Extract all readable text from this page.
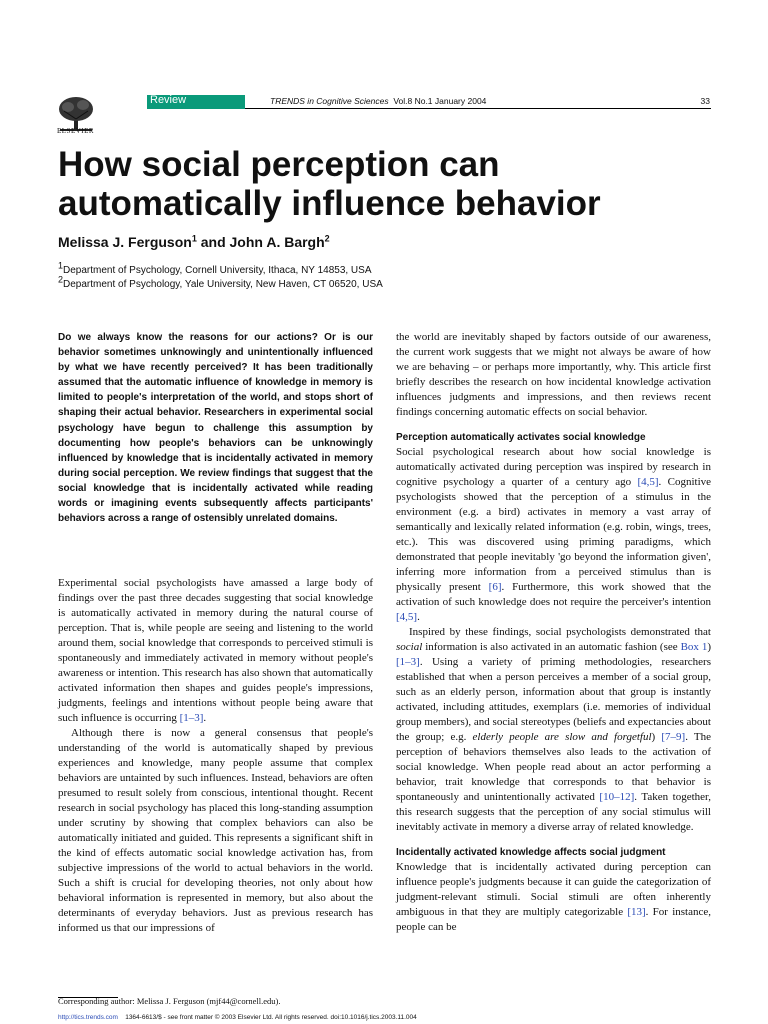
ELSEVIER
Review	TRENDS in Cognitive Sciences Vol.8 No.1 January 2004	33
How social perception can automatically influence behavior
Melissa J. Ferguson$^1$ and John A. Bargh$^2$
$^1$Department of Psychology, Cornell University, Ithaca, NY 14853, USA
$^2$Department of Psychology, Yale University, New Haven, CT 06520, USA
Do we always know the reasons for our actions? Or is our behavior sometimes unknowingly and unintentionally influenced by what we have recently perceived? It has been traditionally assumed that the automatic influence of knowledge in memory is limited to people's interpretation of the world, and stops short of shaping their actual behavior. Researchers in experimental social psychology have begun to challenge this assumption by documenting how people's behaviors can be unknowingly influenced by knowledge that is incidentally activated in memory during social perception. We review findings that suggest that the social knowledge that is incidentally activated while reading words or imagining events subsequently affects participants' behaviors across a range of ostensibly unrelated domains.

Experimental social psychologists have amassed a large body of findings over the past three decades suggesting that social knowledge is automatically activated in memory during the natural course of perception. That is, while people are seeing and listening to the world around them, social knowledge that corresponds to perceived stimuli is spontaneously and immediately activated in memory without people's awareness or intention. This research has also shown that automatically activated information then shapes and guides people's impressions, judgments, feelings and intentions without people being aware that such influence is occurring [1–3].

Although there is now a general consensus that people's understanding of the world is automatically shaped by previous experiences and knowledge, many people assume that complex behaviors are untainted by such influences. Instead, behaviors are often presumed to result solely from conscious, intentional thought. Recent research in social psychology has placed this long-standing assumption under scrutiny by showing that complex behaviors can also be automatically initiated and guided. This represents a significant shift in the kind of effects automatic social knowledge activation has, from subjective impressions of the world to actual behaviors in the world. Such a shift is crucial for developing theories, not only about how behavioral information is represented in memory, but also about the determinants of everyday behaviors. Just as previous research has informed us that our impressions of

the world are inevitably shaped by factors outside of our awareness, the current work suggests that we might not always be aware of how we are behaving – or perhaps more importantly, why. This article first briefly describes the research on how incidental knowledge activation influences judgments and impressions, and then reviews recent findings concerning automatic effects on social behavior.

Perception automatically activates social knowledge

Social psychological research about how social knowledge is automatically activated during perception was inspired by research in cognitive psychology a quarter of a century ago [4,5]. Cognitive psychologists showed that the perception of a stimulus in the environment (e.g. a bird) activates in memory a vast array of semantically and lexically related information (e.g. robin, wings, trees, etc.). This was discovered using priming paradigms, which demonstrated that people inevitably 'go beyond the information given', inferring more information from a perceived stimulus than is physically present [6]. Furthermore, this work showed that the activation of such knowledge does not require the perceiver's intention [4,5].

Inspired by these findings, social psychologists demonstrated that social information is also activated in an automatic fashion (see Box 1) [1–3]. Using a variety of priming methodologies, researchers established that when a person perceives a member of a social group, such as an elderly person, information about that group is instantly activated, including attitudes, exemplars (i.e. memories of individual group members), and social stereotypes (beliefs and expectancies about the group; e.g. elderly people are slow and forgetful) [7–9]. The perception of behaviors themselves also leads to the activation of social knowledge. When people read about an actor performing a behavior, trait knowledge that corresponds to that behavior is spontaneously and unintentionally activated [10–12]. Taken together, this research suggests that the perception of any social stimulus will inevitably activate in memory a diverse array of related knowledge.

Incidentally activated knowledge affects social judgment

Knowledge that is incidentally activated during perception can influence people's judgments because it can guide the categorization of judgment-relevant stimuli. Social stimuli are often inherently ambiguous in that they are multiply categorizable [13]. For instance, people can be

Corresponding author: Melissa J. Ferguson (mjf44@cornell.edu).
http://tics.trends.com 1364-6613/$ - see front matter © 2003 Elsevier Ltd. All rights reserved. doi:10.1016/j.tics.2003.11.004
